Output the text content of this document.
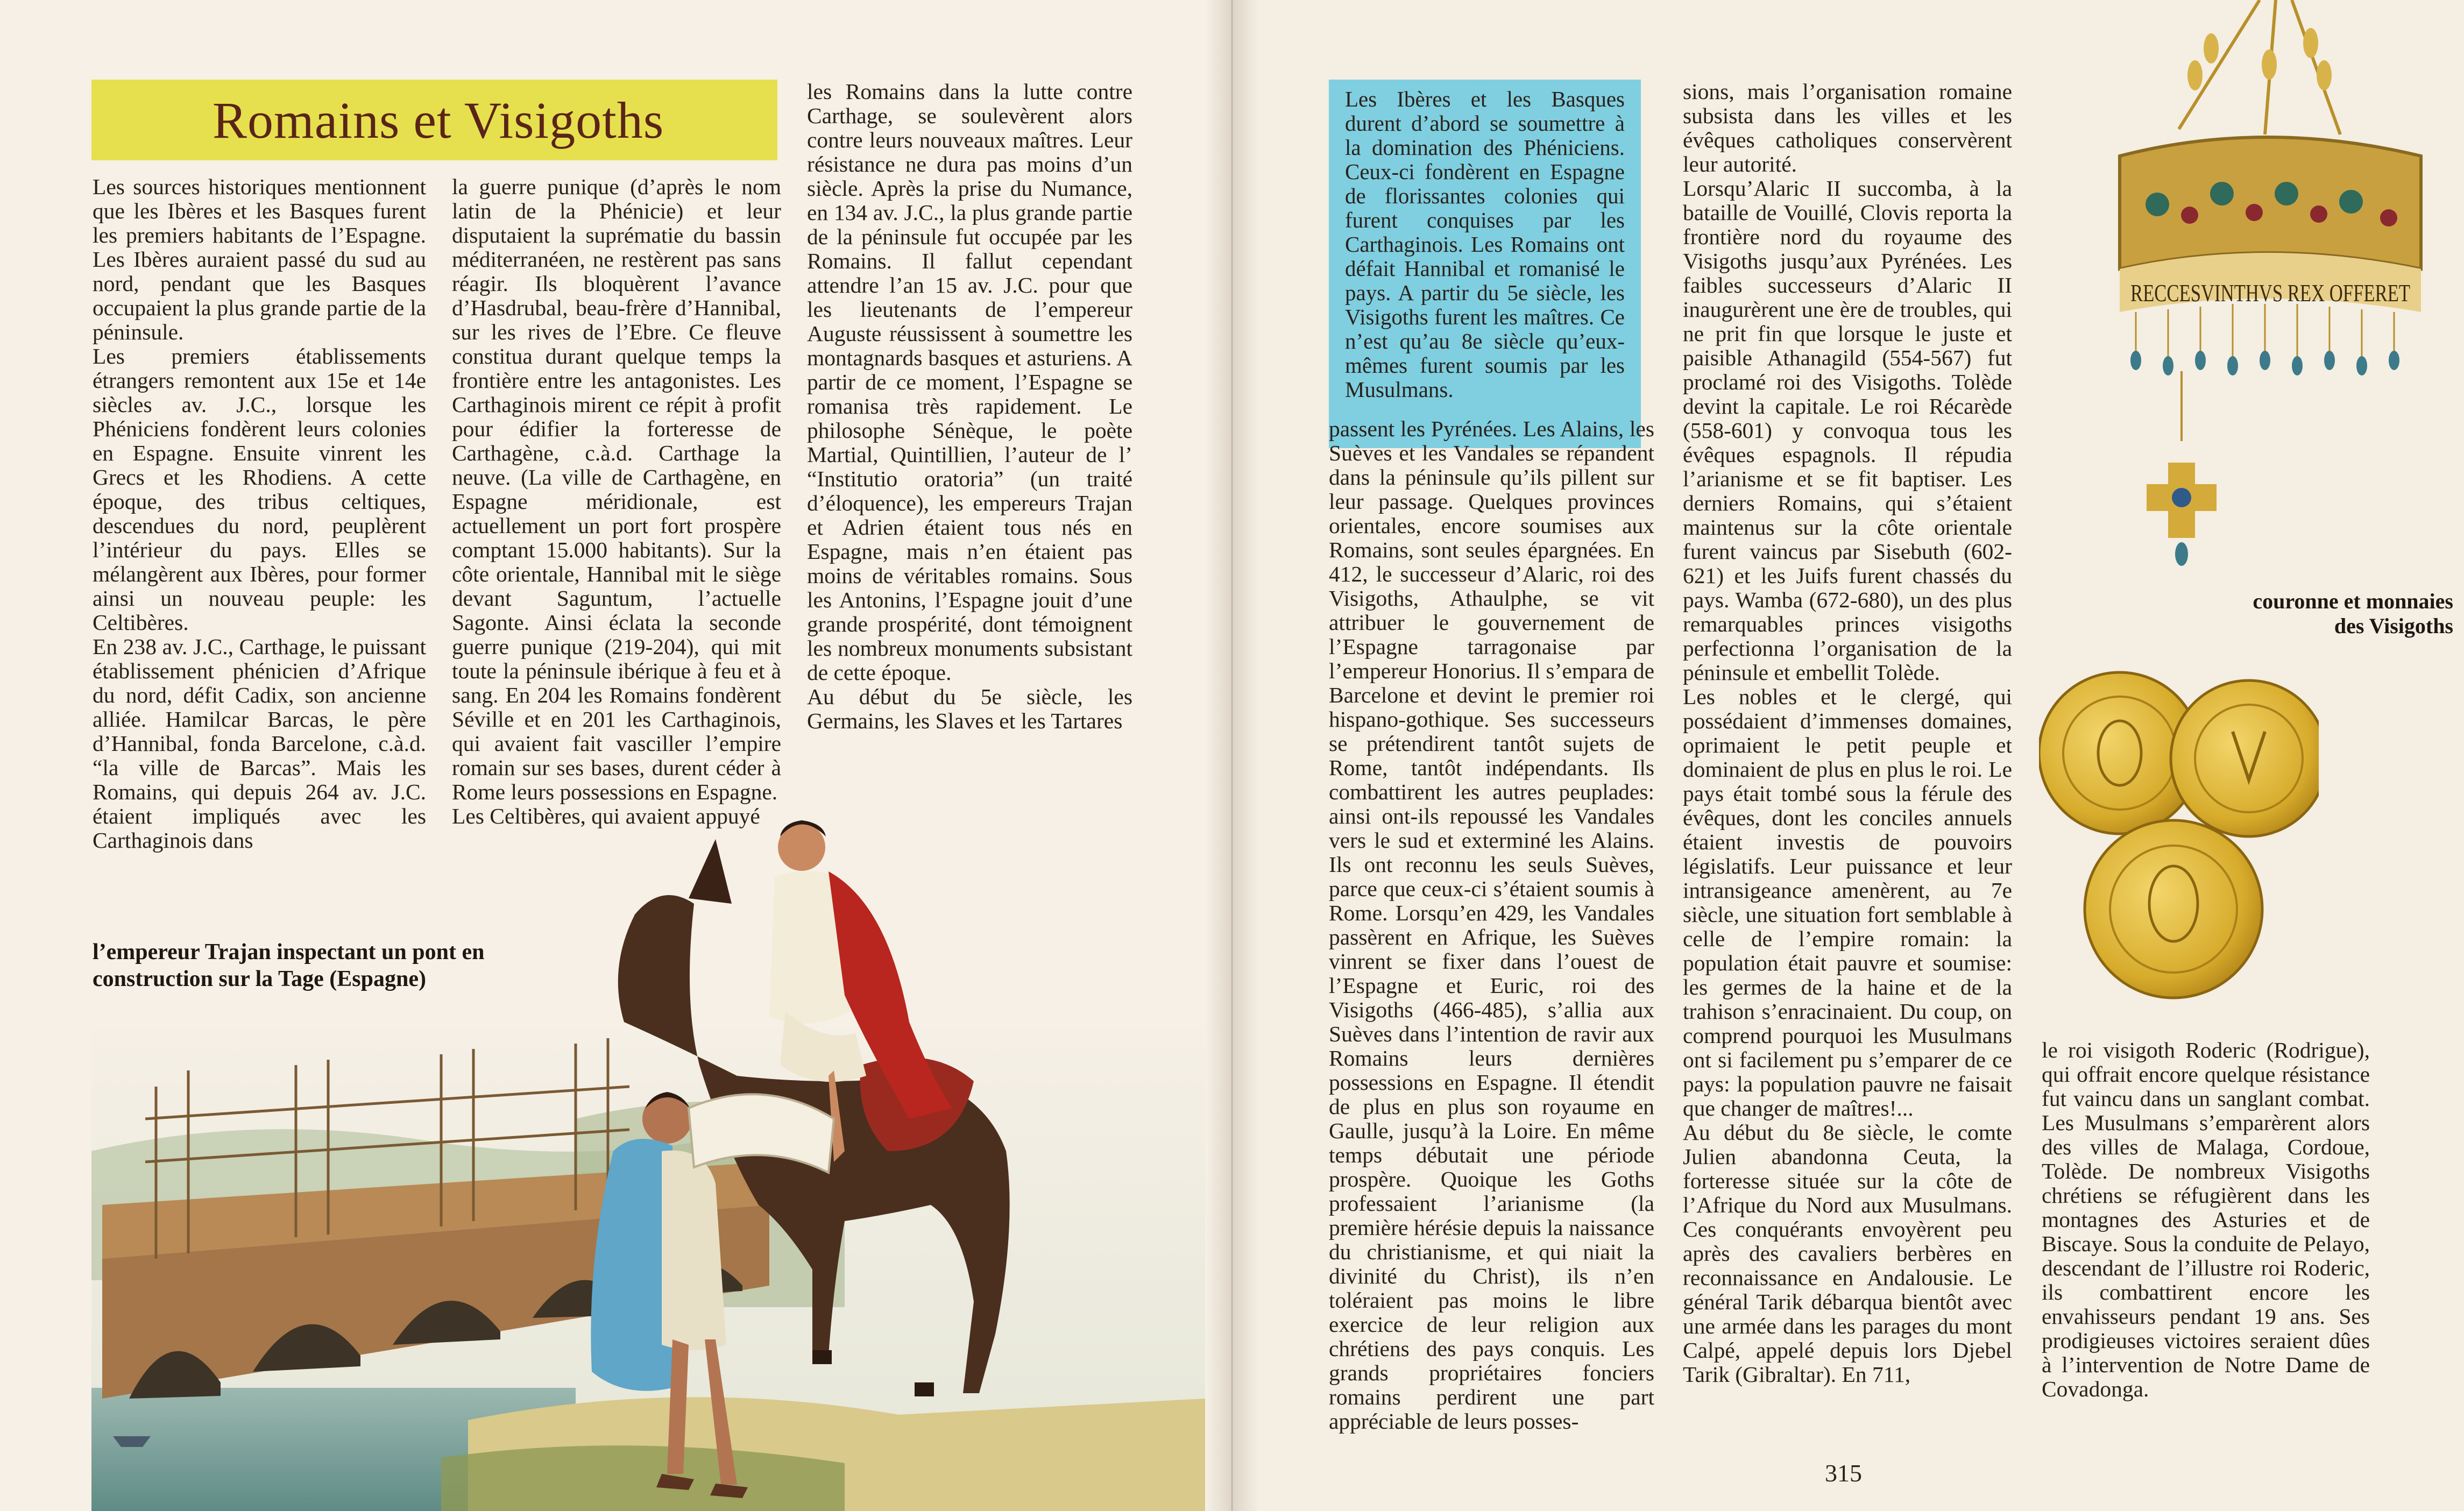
Romains et Visigoths

Les sources historiques mentionnent que les Ibères et les Basques furent les premiers habitants de l’Espagne. Les Ibères auraient passé du sud au nord, pendant que les Basques occupaient la plus grande partie de la péninsule.

Les premiers établissements étrangers remontent aux 15e et 14e siècles av. J.C., lorsque les Phéniciens fondèrent leurs colonies en Espagne. Ensuite vinrent les Grecs et les Rhodiens. A cette époque, des tribus celtiques, descendues du nord, peuplèrent l’intérieur du pays. Elles se mélangèrent aux Ibères, pour former ainsi un nouveau peuple: les Celtibères.

En 238 av. J.C., Carthage, le puissant établissement phénicien d’Afrique du nord, défit Cadix, son ancienne alliée. Hamilcar Barcas, le père d’Hannibal, fonda Barcelone, c.à.d. “la ville de Barcas”. Mais les Romains, qui depuis 264 av. J.C. étaient impliqués avec les Carthaginois dans

la guerre punique (d’après le nom latin de la Phénicie) et leur disputaient la suprématie du bassin méditerranéen, ne restèrent pas sans réagir. Ils bloquèrent l’avance d’Hasdrubal, beau-frère d’Hannibal, sur les rives de l’Ebre. Ce fleuve constitua durant quelque temps la frontière entre les antagonistes. Les Carthaginois mirent ce répit à profit pour édifier la forteresse de Carthagène, c.à.d. Carthage la neuve. (La ville de Carthagène, en Espagne méridionale, est actuellement un port fort prospère comptant 15.000 habitants). Sur la côte orientale, Hannibal mit le siège devant Saguntum, l’actuelle Sagonte. Ainsi éclata la seconde guerre punique (219-204), qui mit toute la péninsule ibérique à feu et à sang. En 204 les Romains fondèrent Séville et en 201 les Carthaginois, qui avaient fait vasciller l’empire romain sur ses bases, durent céder à Rome leurs possessions en Espagne.

Les Celtibères, qui avaient appuyé

les Romains dans la lutte contre Carthage, se soulevèrent alors contre leurs nouveaux maîtres. Leur résistance ne dura pas moins d’un siècle. Après la prise du Numance, en 134 av. J.C., la plus grande partie de la péninsule fut occupée par les Romains. Il fallut cependant attendre l’an 15 av. J.C. pour que les lieutenants de l’empereur Auguste réussissent à soumettre les montagnards basques et asturiens. A partir de ce moment, l’Espagne se romanisa très rapidement. Le philosophe Sénèque, le poète Martial, Quintillien, l’auteur de l’ “Institutio oratoria” (un traité d’éloquence), les empereurs Trajan et Adrien étaient tous nés en Espagne, mais n’en étaient pas moins de véritables romains. Sous les Antonins, l’Espagne jouit d’une grande prospérité, dont témoignent les nombreux monuments subsistant de cette époque.

Au début du 5e siècle, les Germains, les Slaves et les Tartares

l’empereur Trajan inspectant un pont en construction sur la Tage (Espagne)
Les Ibères et les Basques durent d’abord se soumettre à la domination des Phéniciens. Ceux-ci fondèrent en Espagne de florissantes colonies qui furent conquises par les Carthaginois. Les Romains ont défait Hannibal et romanisé le pays. A partir du 5e siècle, les Visigoths furent les maîtres. Ce n’est qu’au 8e siècle qu’eux-mêmes furent soumis par les Musulmans.

passent les Pyrénées. Les Alains, les Suèves et les Vandales se répandent dans la péninsule qu’ils pillent sur leur passage. Quelques provinces orientales, encore soumises aux Romains, sont seules épargnées. En 412, le successeur d’Alaric, roi des Visigoths, Athaulphe, se vit attribuer le gouvernement de l’Espagne tarragonaise par l’empereur Honorius. Il s’empara de Barcelone et devint le premier roi hispano-gothique. Ses successeurs se prétendirent tantôt sujets de Rome, tantôt indépendants. Ils combattirent les autres peuplades: ainsi ont-ils repoussé les Vandales vers le sud et exterminé les Alains. Ils ont reconnu les seuls Suèves, parce que ceux-ci s’étaient soumis à Rome. Lorsqu’en 429, les Vandales passèrent en Afrique, les Suèves vinrent se fixer dans l’ouest de l’Espagne et Euric, roi des Visigoths (466-485), s’allia aux Suèves dans l’intention de ravir aux Romains leurs dernières possessions en Espagne. Il étendit de plus en plus son royaume en Gaulle, jusqu’à la Loire. En même temps débutait une période prospère. Quoique les Goths professaient l’arianisme (la première hérésie depuis la naissance du christianisme, et qui niait la divinité du Christ), ils n’en toléraient pas moins le libre exercice de leur religion aux chrétiens des pays conquis. Les grands propriétaires fonciers romains perdirent une part appréciable de leurs posses-

sions, mais l’organisation romaine subsista dans les villes et les évêques catholiques conservèrent leur autorité.

Lorsqu’Alaric II succomba, à la bataille de Vouillé, Clovis reporta la frontière nord du royaume des Visigoths jusqu’aux Pyrénées. Les faibles successeurs d’Alaric II inaugurèrent une ère de troubles, qui ne prit fin que lorsque le juste et paisible Athanagild (554-567) fut proclamé roi des Visigoths. Tolède devint la capitale. Le roi Récarède (558-601) y convoqua tous les évêques espagnols. Il répudia l’arianisme et se fit baptiser. Les derniers Romains, qui s’étaient maintenus sur la côte orientale furent vaincus par Sisebuth (602-621) et les Juifs furent chassés du pays. Wamba (672-680), un des plus remarquables princes visigoths perfectionna l’organisation de la péninsule et embellit Tolède.

Les nobles et le clergé, qui possédaient d’immenses domaines, oprimaient le petit peuple et dominaient de plus en plus le roi. Le pays était tombé sous la férule des évêques, dont les conciles annuels étaient investis de pouvoirs législatifs. Leur puissance et leur intransigeance amenèrent, au 7e siècle, une situation fort semblable à celle de l’empire romain: la population était pauvre et soumise: les germes de la haine et de la trahison s’enracinaient. Du coup, on comprend pourquoi les Musulmans ont si facilement pu s’emparer de ce pays: la population pauvre ne faisait que changer de maîtres!...

Au début du 8e siècle, le comte Julien abandonna Ceuta, la forteresse située sur la côte de l’Afrique du Nord aux Musulmans. Ces conquérants envoyèrent peu après des cavaliers berbères en reconnaissance en Andalousie. Le général Tarik débarqua bientôt avec une armée dans les parages du mont Calpé, appelé depuis lors Djebel Tarik (Gibraltar). En 711,

le roi visigoth Roderic (Rodrigue), qui offrait encore quelque résistance fut vaincu dans un sanglant combat. Les Musulmans s’emparèrent alors des villes de Malaga, Cordoue, Tolède. De nombreux Visigoths chrétiens se réfugièrent dans les montagnes des Asturies et de Biscaye. Sous la conduite de Pelayo, descendant de l’illustre roi Roderic, ils combattirent encore les envahisseurs pendant 19 ans. Ses prodigieuses victoires seraient dûes à l’intervention de Notre Dame de Covadonga.

couronne et monnaies des Visigoths
RECCESVINTHVS REX OFFERET
315
